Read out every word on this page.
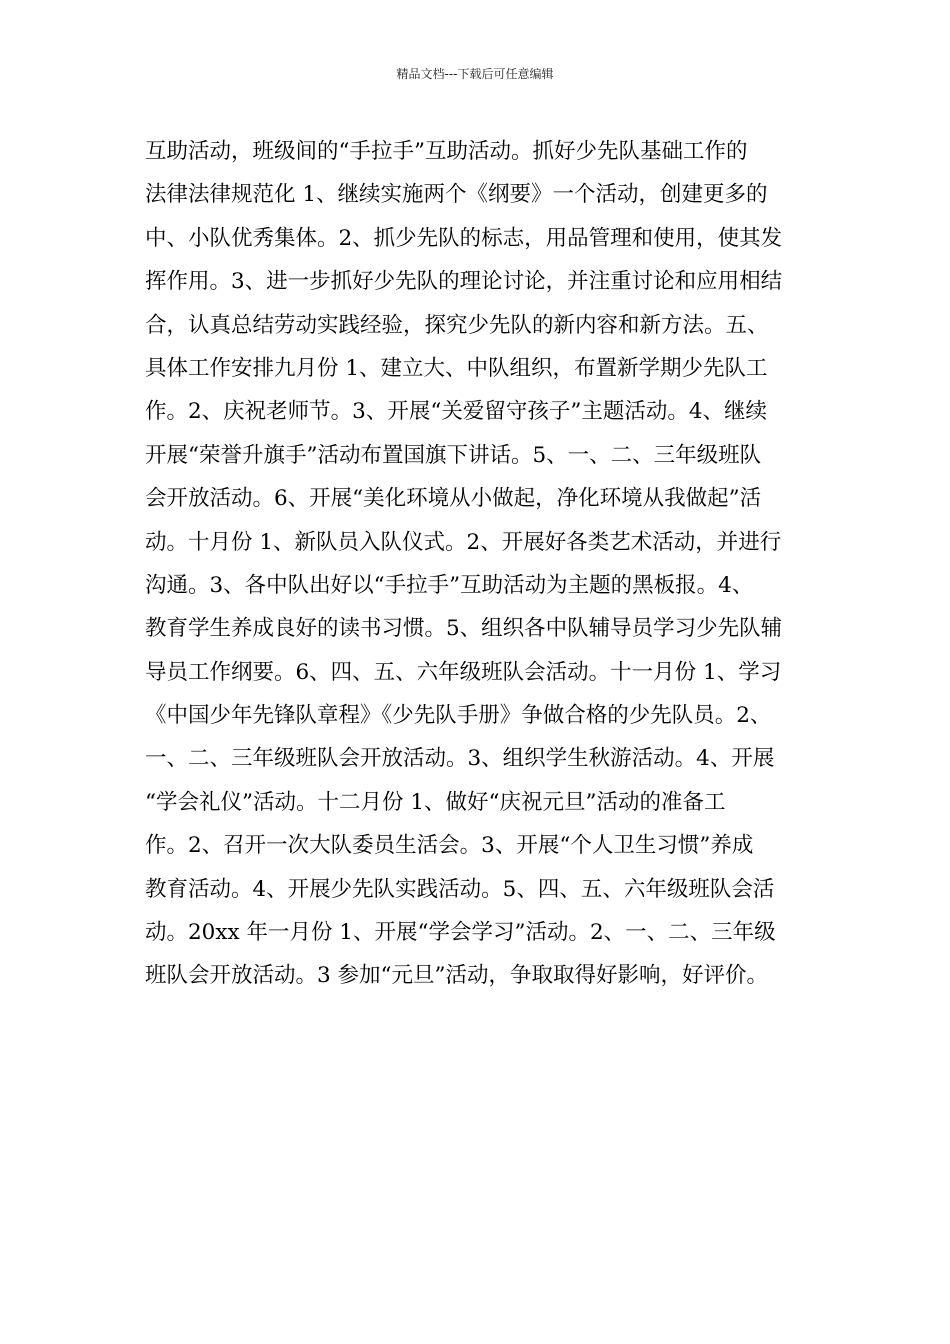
精品文档---下载后可任意编辑
互助活动，班级间的“手拉手”互助活动。抓好少先队基础工作的
法律法律规范化 1、继续实施两个《纲要》一个活动，创建更多的
中、小队优秀集体。2、抓少先队的标志，用品管理和使用，使其发
挥作用。3、进一步抓好少先队的理论讨论，并注重讨论和应用相结
合，认真总结劳动实践经验，探究少先队的新内容和新方法。五、
具体工作安排九月份 1、建立大、中队组织，布置新学期少先队工
作。2、庆祝老师节。3、开展“关爱留守孩子”主题活动。4、继续
开展“荣誉升旗手”活动布置国旗下讲话。5、一、二、三年级班队
会开放活动。6、开展“美化环境从小做起，净化环境从我做起”活
动。十月份 1、新队员入队仪式。2、开展好各类艺术活动，并进行
沟通。3、各中队出好以“手拉手”互助活动为主题的黑板报。4、
教育学生养成良好的读书习惯。5、组织各中队辅导员学习少先队辅
导员工作纲要。6、四、五、六年级班队会活动。十一月份 1、学习
《中国少年先锋队章程》《少先队手册》争做合格的少先队员。2、
一、二、三年级班队会开放活动。3、组织学生秋游活动。4、开展
“学会礼仪”活动。十二月份 1、做好“庆祝元旦”活动的准备工
作。2、召开一次大队委员生活会。3、开展“个人卫生习惯”养成
教育活动。4、开展少先队实践活动。5、四、五、六年级班队会活
动。20xx 年一月份 1、开展“学会学习”活动。2、一、二、三年级
班队会开放活动。3 参加“元旦”活动，争取取得好影响，好评价。
